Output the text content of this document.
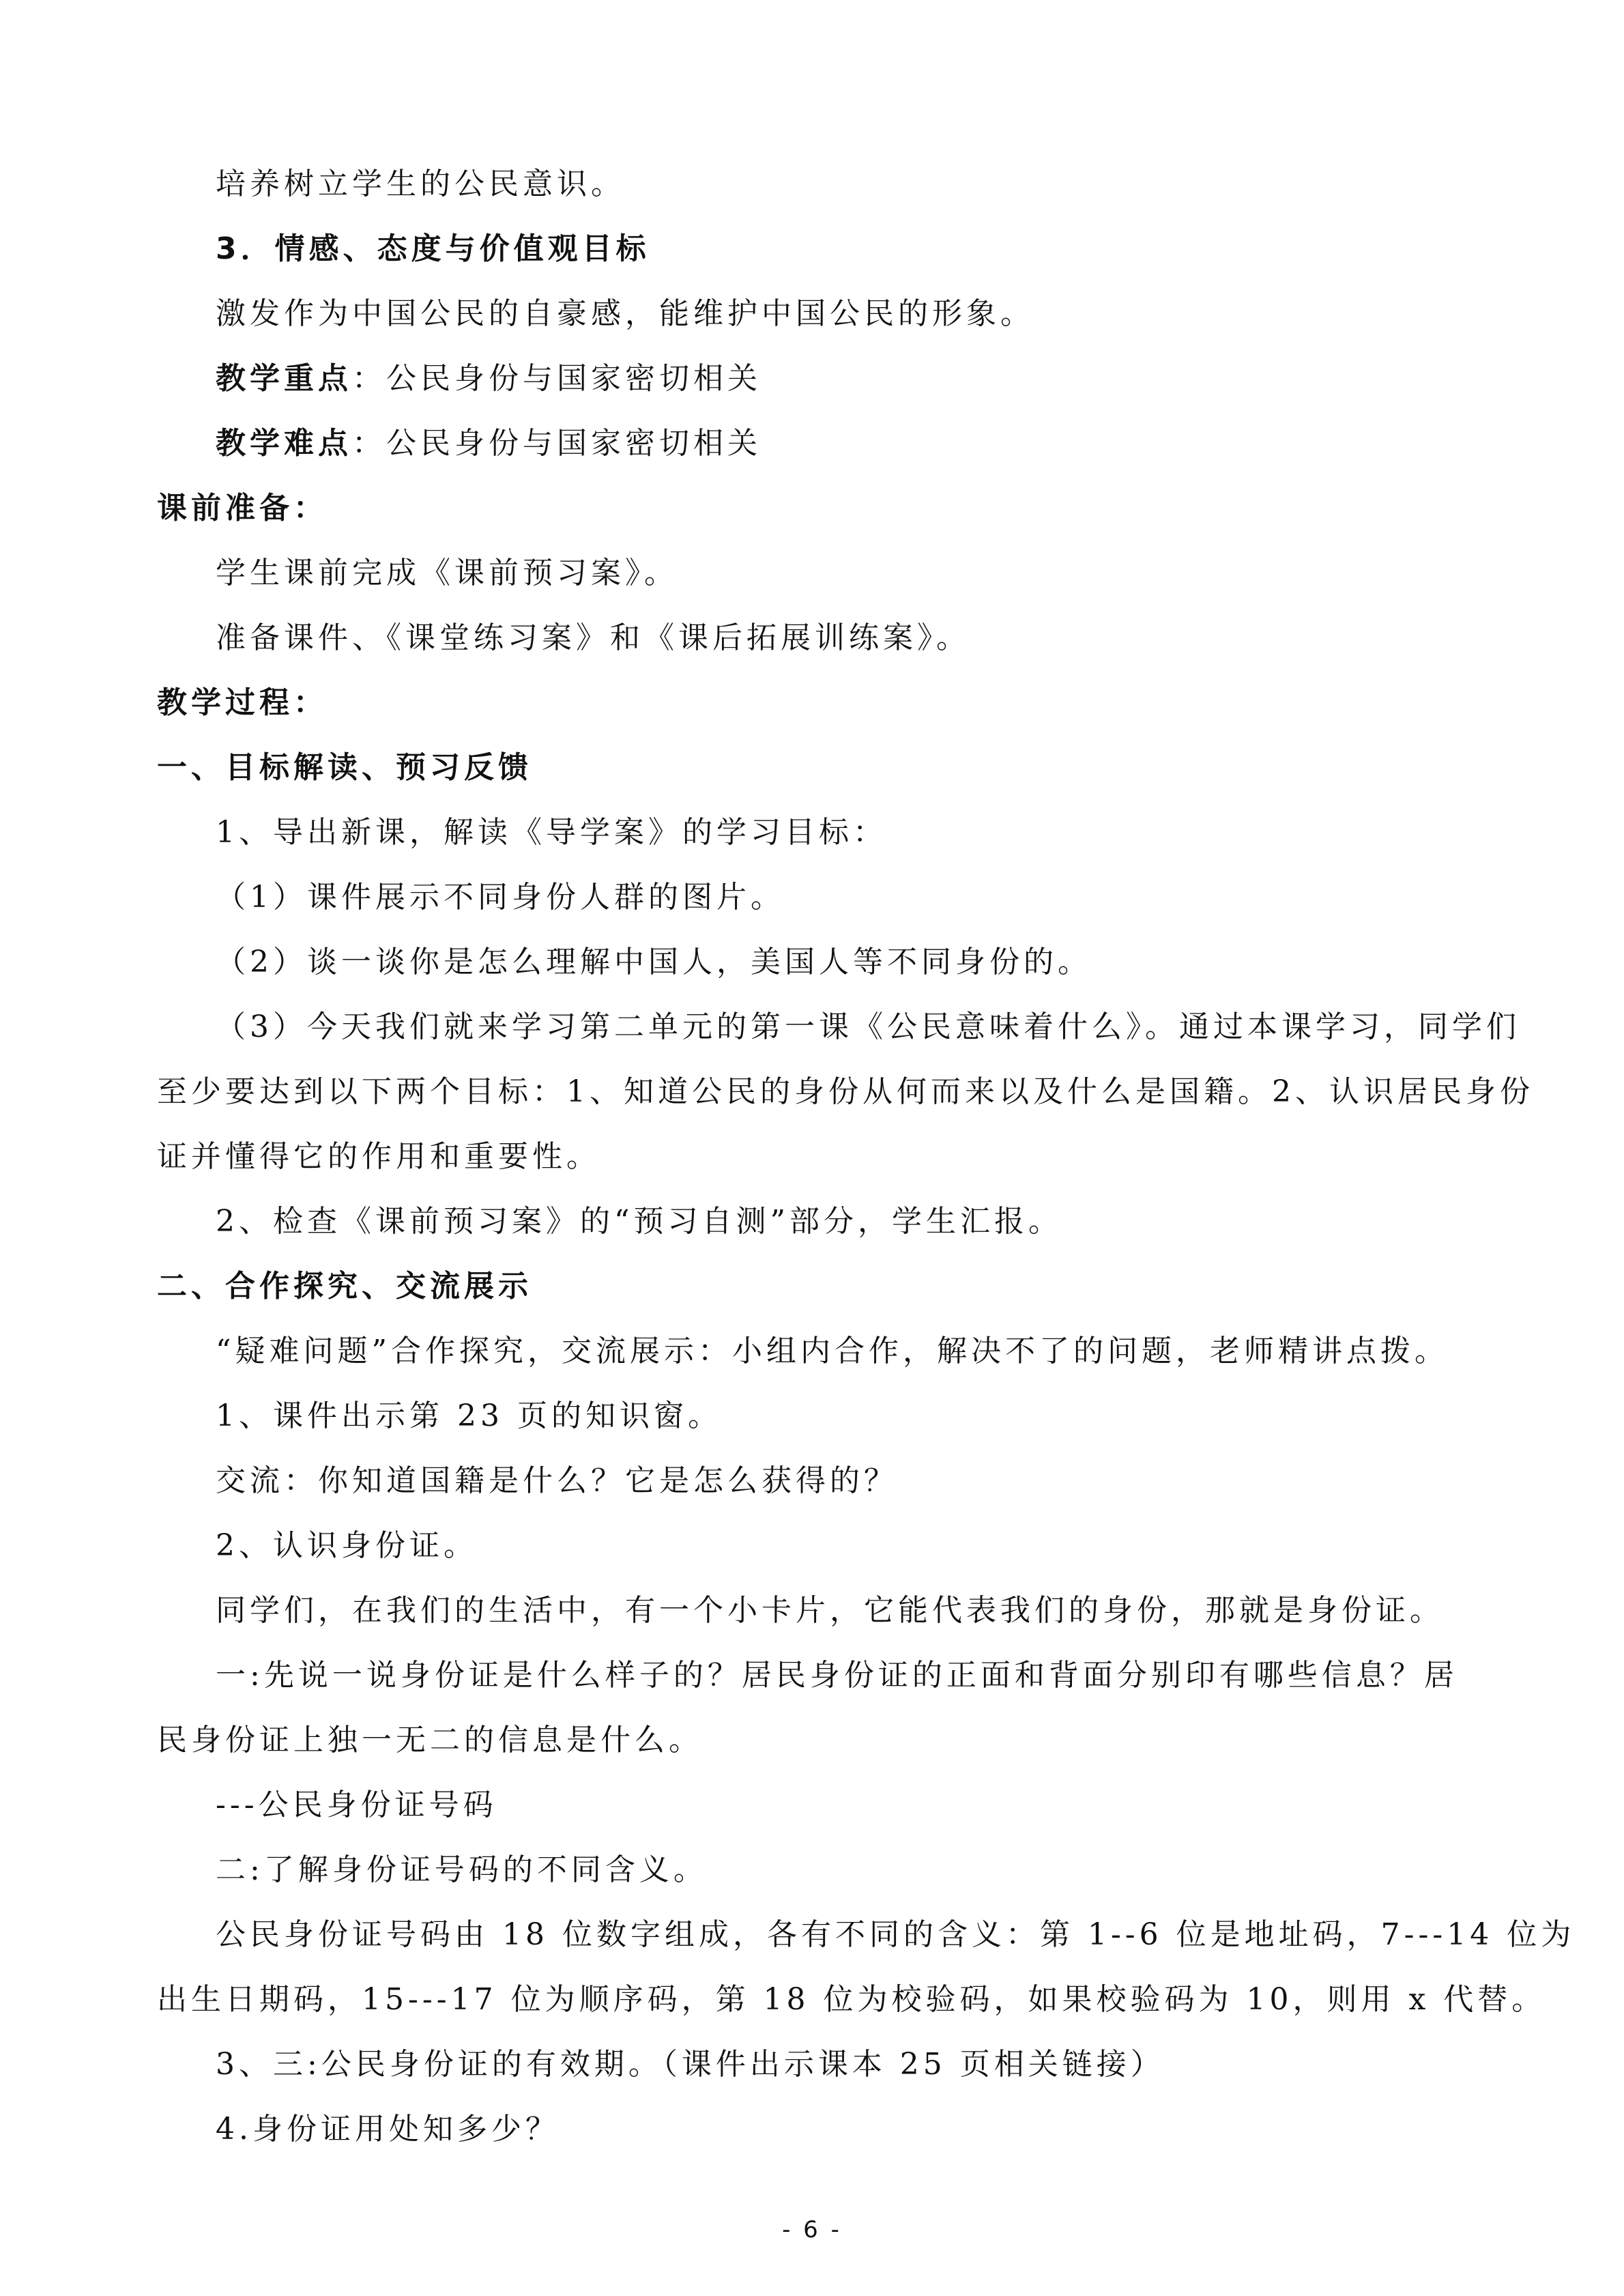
培养树立学生的公民意识。
3．情感、态度与价值观目标
激发作为中国公民的自豪感，能维护中国公民的形象。
教学重点：公民身份与国家密切相关
教学难点：公民身份与国家密切相关
课前准备：
学生课前完成《课前预习案》。
准备课件、《课堂练习案》和《课后拓展训练案》。
教学过程：
一、目标解读、预习反馈
1、导出新课，解读《导学案》的学习目标：
（1）课件展示不同身份人群的图片。
（2）谈一谈你是怎么理解中国人，美国人等不同身份的。
（3）今天我们就来学习第二单元的第一课《公民意味着什么》。通过本课学习，同学们
至少要达到以下两个目标：1、知道公民的身份从何而来以及什么是国籍。2、认识居民身份
证并懂得它的作用和重要性。
2、检查《课前预习案》的“预习自测”部分，学生汇报。
二、合作探究、交流展示
“疑难问题”合作探究，交流展示：小组内合作，解决不了的问题，老师精讲点拨。
1、课件出示第 23 页的知识窗。
交流：你知道国籍是什么？它是怎么获得的？
2、认识身份证。
同学们，在我们的生活中，有一个小卡片，它能代表我们的身份，那就是身份证。
一:先说一说身份证是什么样子的？居民身份证的正面和背面分别印有哪些信息？居
民身份证上独一无二的信息是什么。
---公民身份证号码
二:了解身份证号码的不同含义。
公民身份证号码由 18 位数字组成，各有不同的含义：第 1--6 位是地址码，7---14 位为
出生日期码，15---17 位为顺序码，第 18 位为校验码，如果校验码为 10，则用 x 代替。
3、三:公民身份证的有效期。（课件出示课本 25 页相关链接）
4.身份证用处知多少？
- 6 -
